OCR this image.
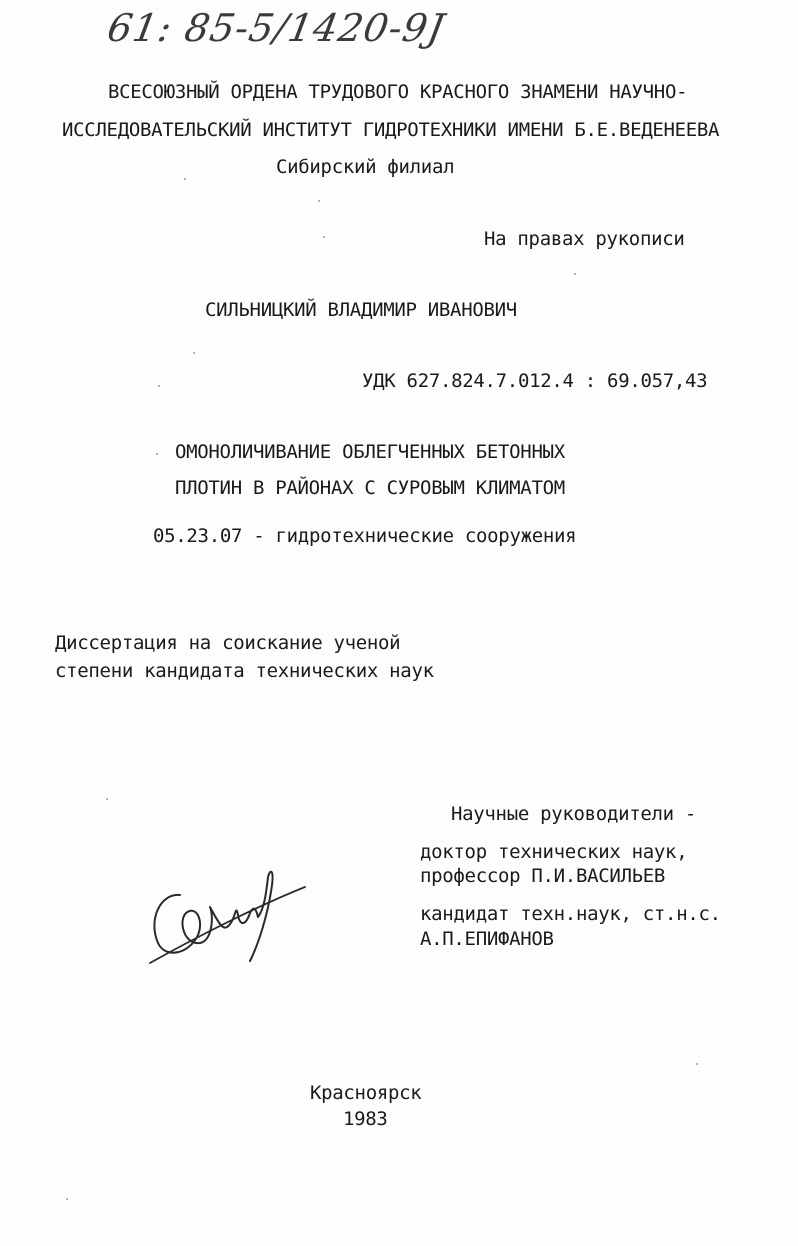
61: 85-5/1420-9J
ВСЕСОЮЗНЫЙ ОРДЕНА ТРУДОВОГО КРАСНОГО ЗНАМЕНИ НАУЧНО-
ИССЛЕДОВАТЕЛЬСКИЙ ИНСТИТУТ ГИДРОТЕХНИКИ ИМЕНИ Б.Е.ВЕДЕНЕЕВА
Сибирский филиал
На правах рукописи
СИЛЬНИЦКИЙ ВЛАДИМИР ИВАНОВИЧ
УДК 627.824.7.012.4 : 69.057,43
ОМОНОЛИЧИВАНИЕ ОБЛЕГЧЕННЫХ БЕТОННЫХ
ПЛОТИН В РАЙОНАХ С СУРОВЫМ КЛИМАТОМ
05.23.07 - гидротехнические сооружения
Диссертация на соискание ученой
степени кандидата технических наук
Научные руководители -
доктор технических наук,
профессор П.И.ВАСИЛЬЕВ
кандидат техн.наук, ст.н.с.
А.П.ЕПИФАНОВ
Красноярск
1983
